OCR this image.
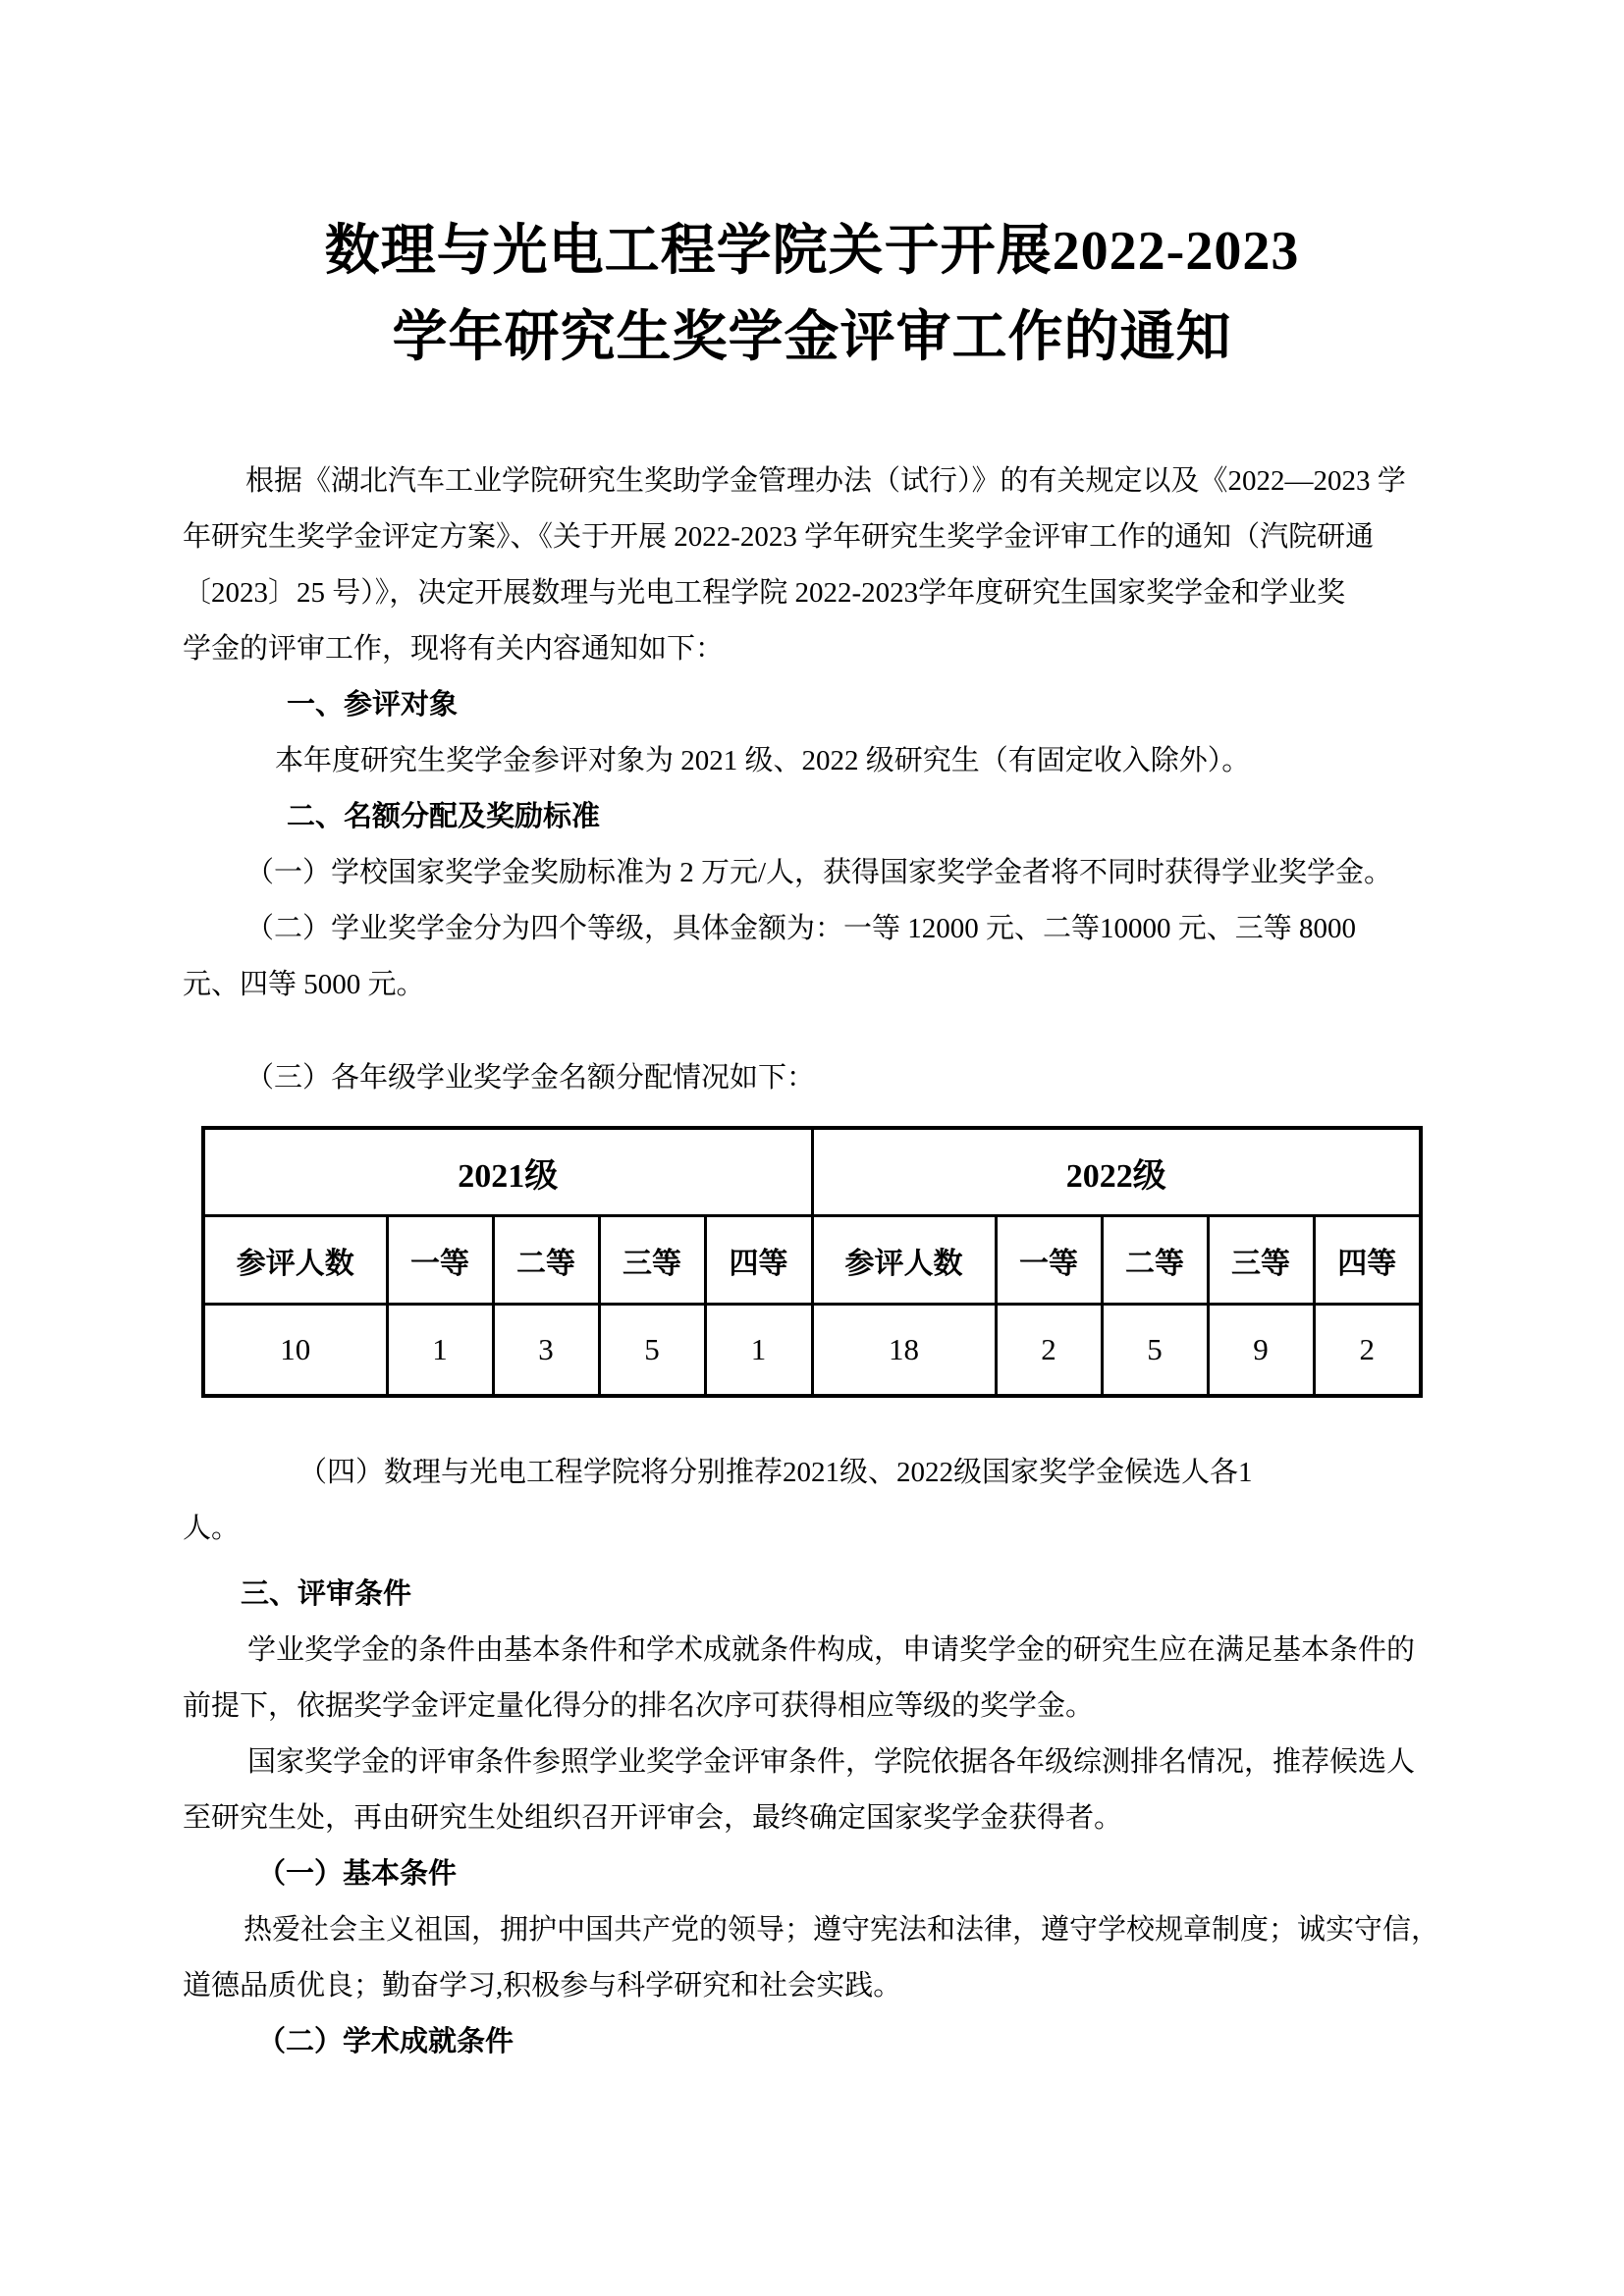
数理与光电工程学院关于开展2022-2023
学年研究生奖学金评审工作的通知
根据《湖北汽车工业学院研究生奖助学金管理办法（试行）》的有关规定以及《2022—2023 学
年研究生奖学金评定方案》、《关于开展 2022-2023 学年研究生奖学金评审工作的通知（汽院研通
〔2023〕25 号）》，决定开展数理与光电工程学院 2022-2023学年度研究生国家奖学金和学业奖
学金的评审工作，现将有关内容通知如下：
一、参评对象
本年度研究生奖学金参评对象为 2021 级、2022 级研究生（有固定收入除外）。
二、名额分配及奖励标准
（一）学校国家奖学金奖励标准为 2 万元/人，获得国家奖学金者将不同时获得学业奖学金。
（二）学业奖学金分为四个等级，具体金额为：一等 12000 元、二等10000 元、三等 8000
元、四等 5000 元。
（三）各年级学业奖学金名额分配情况如下：
2021级					2022级				
参评人数	一等	二等	三等	四等	参评人数	一等	二等	三等	四等
10	1	3	5	1	18	2	5	9	2
（四）数理与光电工程学院将分别推荐2021级、2022级国家奖学金候选人各1
人。
三、评审条件
学业奖学金的条件由基本条件和学术成就条件构成，申请奖学金的研究生应在满足基本条件的
前提下，依据奖学金评定量化得分的排名次序可获得相应等级的奖学金。
国家奖学金的评审条件参照学业奖学金评审条件，学院依据各年级综测排名情况，推荐候选人
至研究生处，再由研究生处组织召开评审会，最终确定国家奖学金获得者。
（一）基本条件
热爱社会主义祖国，拥护中国共产党的领导；遵守宪法和法律，遵守学校规章制度；诚实守信，
道德品质优良；勤奋学习,积极参与科学研究和社会实践。
（二）学术成就条件
